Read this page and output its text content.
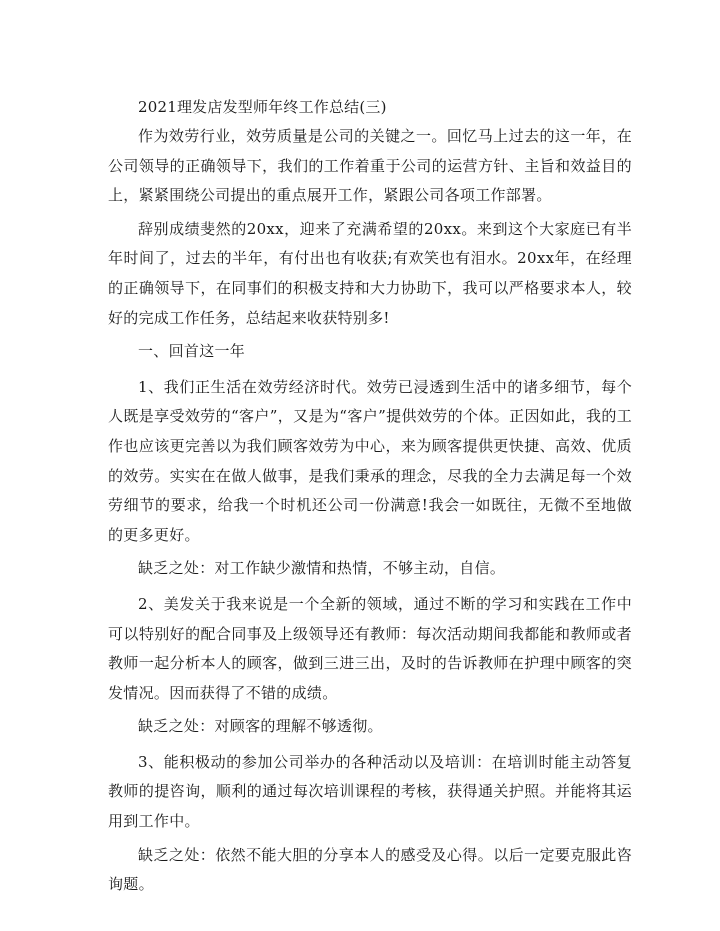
2021理发店发型师年终工作总结(三)

作为效劳行业，效劳质量是公司的关键之一。回忆马上过去的这一年，在公司领导的正确领导下，我们的工作着重于公司的运营方针、主旨和效益目的上，紧紧围绕公司提出的重点展开工作，紧跟公司各项工作部署。

辞别成绩斐然的20xx，迎来了充满希望的20xx。来到这个大家庭已有半年时间了，过去的半年，有付出也有收获;有欢笑也有泪水。20xx年，在经理的正确领导下，在同事们的积极支持和大力协助下，我可以严格要求本人，较好的完成工作任务，总结起来收获特别多!

一、回首这一年

1、我们正生活在效劳经济时代。效劳已浸透到生活中的诸多细节，每个人既是享受效劳的“客户”，又是为“客户”提供效劳的个体。正因如此，我的工作也应该更完善以为我们顾客效劳为中心，来为顾客提供更快捷、高效、优质的效劳。实实在在做人做事，是我们秉承的理念，尽我的全力去满足每一个效劳细节的要求，给我一个时机还公司一份满意!我会一如既往，无微不至地做的更多更好。

缺乏之处：对工作缺少激情和热情，不够主动，自信。

2、美发关于我来说是一个全新的领域，通过不断的学习和实践在工作中可以特别好的配合同事及上级领导还有教师：每次活动期间我都能和教师或者教师一起分析本人的顾客，做到三进三出，及时的告诉教师在护理中顾客的突发情况。因而获得了不错的成绩。

缺乏之处：对顾客的理解不够透彻。

3、能积极动的参加公司举办的各种活动以及培训：在培训时能主动答复教师的提咨询，顺利的通过每次培训课程的考核，获得通关护照。并能将其运用到工作中。

缺乏之处：依然不能大胆的分享本人的感受及心得。以后一定要克服此咨询题。
